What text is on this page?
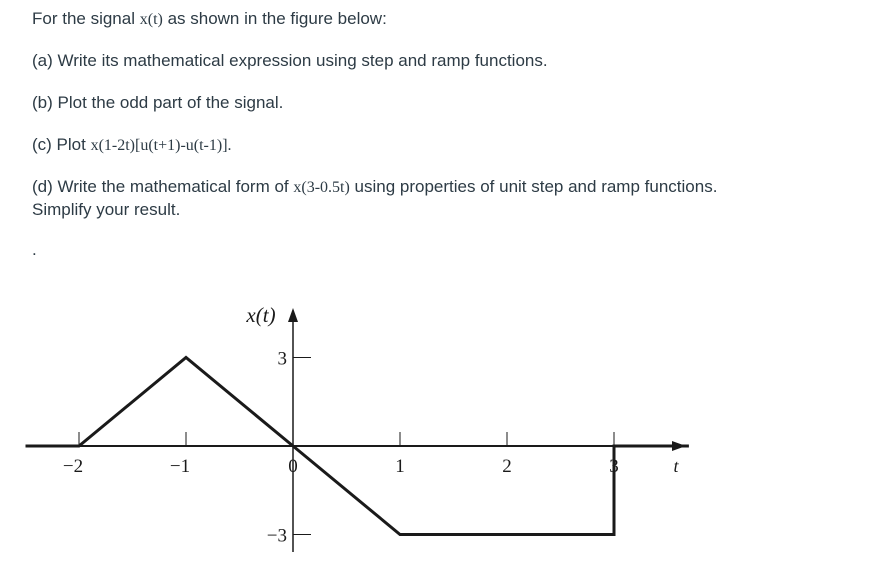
For the signal x(t) as shown in the figure below:

(a) Write its mathematical expression using step and ramp functions.

(b) Plot the odd part of the signal.

(c) Plot x(1-2t)[u(t+1)-u(t-1)].

(d) Write the mathematical form of x(3-0.5t) using properties of unit step and ramp functions. Simplify your result.

.
−2	−1	0	1	2	3
3
−3
x(t)
t
